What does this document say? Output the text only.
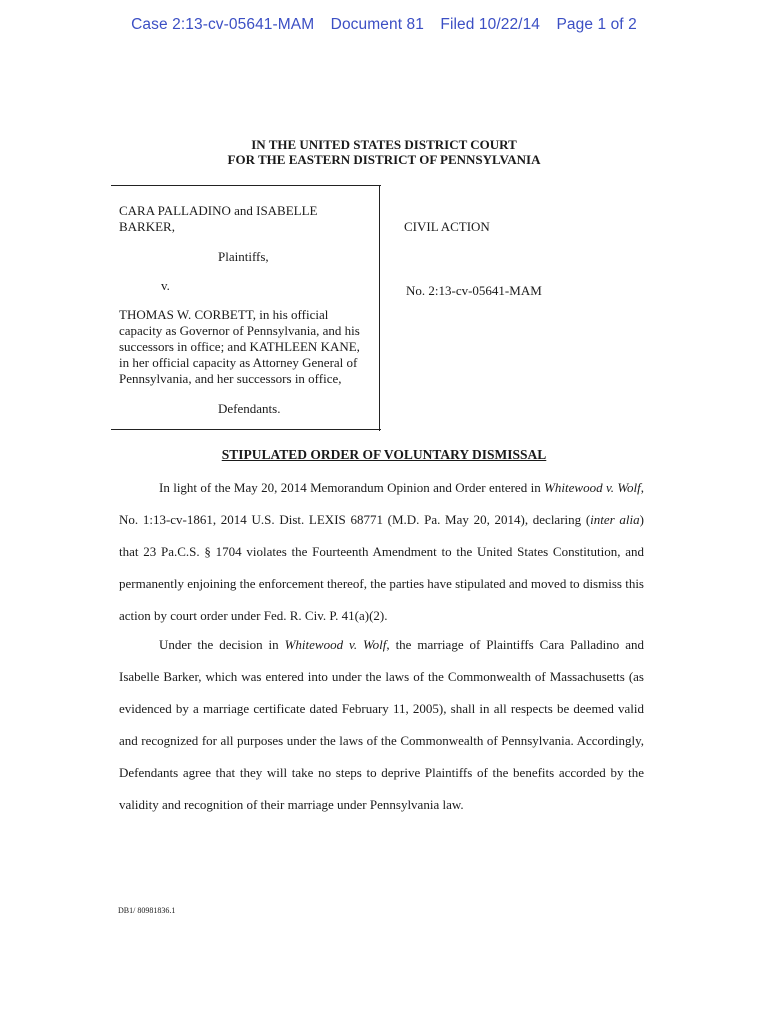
Case 2:13-cv-05641-MAM Document 81 Filed 10/22/14 Page 1 of 2
IN THE UNITED STATES DISTRICT COURT
FOR THE EASTERN DISTRICT OF PENNSYLVANIA
CARA PALLADINO and ISABELLE
BARKER,
Plaintiffs,
v.
THOMAS W. CORBETT, in his official
capacity as Governor of Pennsylvania, and his
successors in office; and KATHLEEN KANE,
in her official capacity as Attorney General of
Pennsylvania, and her successors in office,
Defendants.
CIVIL ACTION
No. 2:13-cv-05641-MAM
STIPULATED ORDER OF VOLUNTARY DISMISSAL

In light of the May 20, 2014 Memorandum Opinion and Order entered in Whitewood v. Wolf, No. 1:13-cv-1861, 2014 U.S. Dist. LEXIS 68771 (M.D. Pa. May 20, 2014), declaring (inter alia) that 23 Pa.C.S. § 1704 violates the Fourteenth Amendment to the United States Constitution, and permanently enjoining the enforcement thereof, the parties have stipulated and moved to dismiss this action by court order under Fed. R. Civ. P. 41(a)(2).

Under the decision in Whitewood v. Wolf, the marriage of Plaintiffs Cara Palladino and Isabelle Barker, which was entered into under the laws of the Commonwealth of Massachusetts (as evidenced by a marriage certificate dated February 11, 2005), shall in all respects be deemed valid and recognized for all purposes under the laws of the Commonwealth of Pennsylvania. Accordingly, Defendants agree that they will take no steps to deprive Plaintiffs of the benefits accorded by the validity and recognition of their marriage under Pennsylvania law.

DB1/ 80981836.1
